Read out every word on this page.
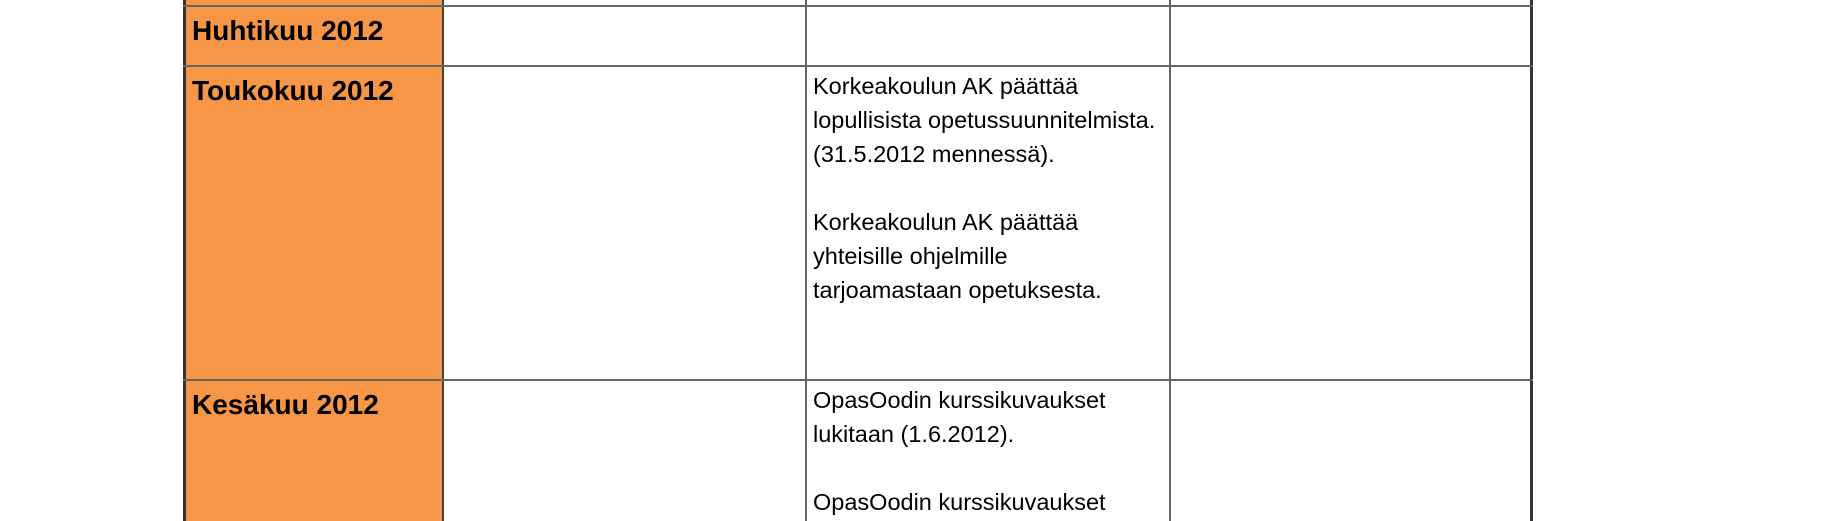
Huhtikuu 2012
Toukokuu 2012	Korkeakoulun AK päättää lopullisista opetussuunnitelmista. (31.5.2012 mennessä).

Korkeakoulun AK päättää yhteisille ohjelmille tarjoamastaan opetuksesta.

Kesäkuu 2012	OpasOodin kurssikuvaukset lukitaan (1.6.2012).

OpasOodin kurssikuvaukset
